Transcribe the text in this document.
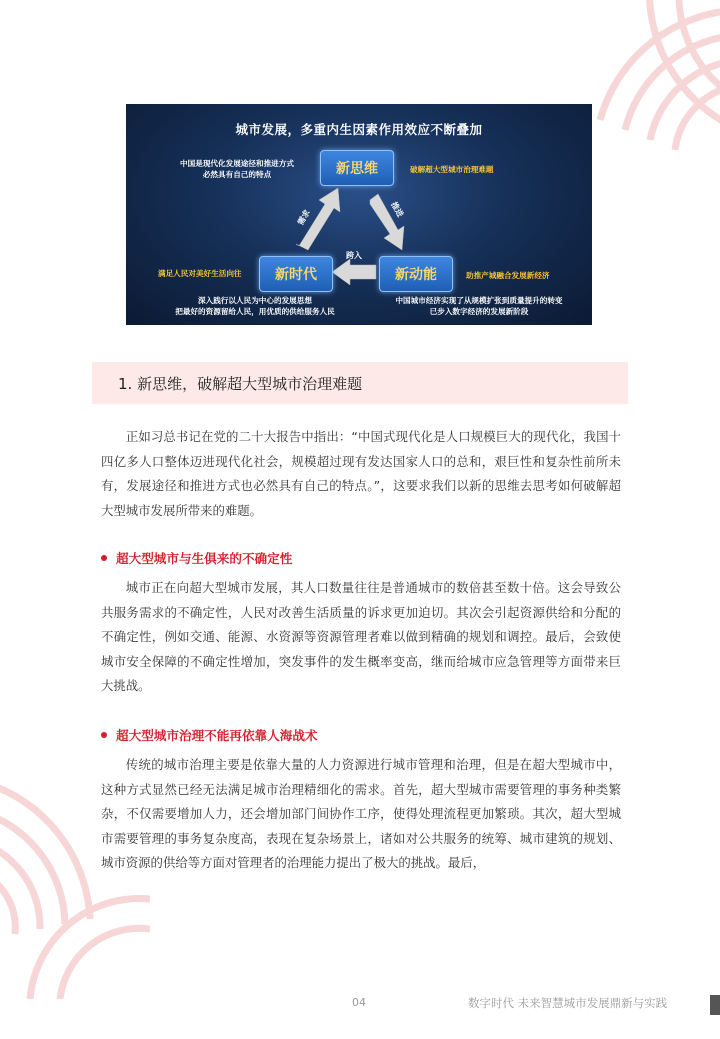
城市发展，多重内生因素作用效应不断叠加
需求	推进
跨入
新思维
新时代	新动能
中国是现代化发展途径和推进方式
必然具有自己的特点
破解超大型城市治理难题
满足人民对美好生活向往	助推产城融合发展新经济
深入践行以人民为中心的发展思想
把最好的资源留给人民，用优质的供给服务人民
中国城市经济实现了从规模扩张到质量提升的转变
已步入数字经济的发展新阶段
1. 新思维，破解超大型城市治理难题

正如习总书记在党的二十大报告中指出：“中国式现代化是人口规模巨大的现代化，我国十四亿多人口整体迈进现代化社会，规模超过现有发达国家人口的总和，艰巨性和复杂性前所未有，发展途径和推进方式也必然具有自己的特点。”，这要求我们以新的思维去思考如何破解超大型城市发展所带来的难题。

超大型城市与生俱来的不确定性

城市正在向超大型城市发展，其人口数量往往是普通城市的数倍甚至数十倍。这会导致公共服务需求的不确定性，人民对改善生活质量的诉求更加迫切。其次会引起资源供给和分配的不确定性，例如交通、能源、水资源等资源管理者难以做到精确的规划和调控。最后，会致使城市安全保障的不确定性增加，突发事件的发生概率变高，继而给城市应急管理等方面带来巨大挑战。

超大型城市治理不能再依靠人海战术

传统的城市治理主要是依靠大量的人力资源进行城市管理和治理，但是在超大型城市中，这种方式显然已经无法满足城市治理精细化的需求。首先，超大型城市需要管理的事务种类繁杂，不仅需要增加人力，还会增加部门间协作工序，使得处理流程更加繁琐。其次，超大型城市需要管理的事务复杂度高，表现在复杂场景上，诸如对公共服务的统筹、城市建筑的规划、城市资源的供给等方面对管理者的治理能力提出了极大的挑战。最后，

04	数字时代 未来智慧城市发展鼎新与实践
